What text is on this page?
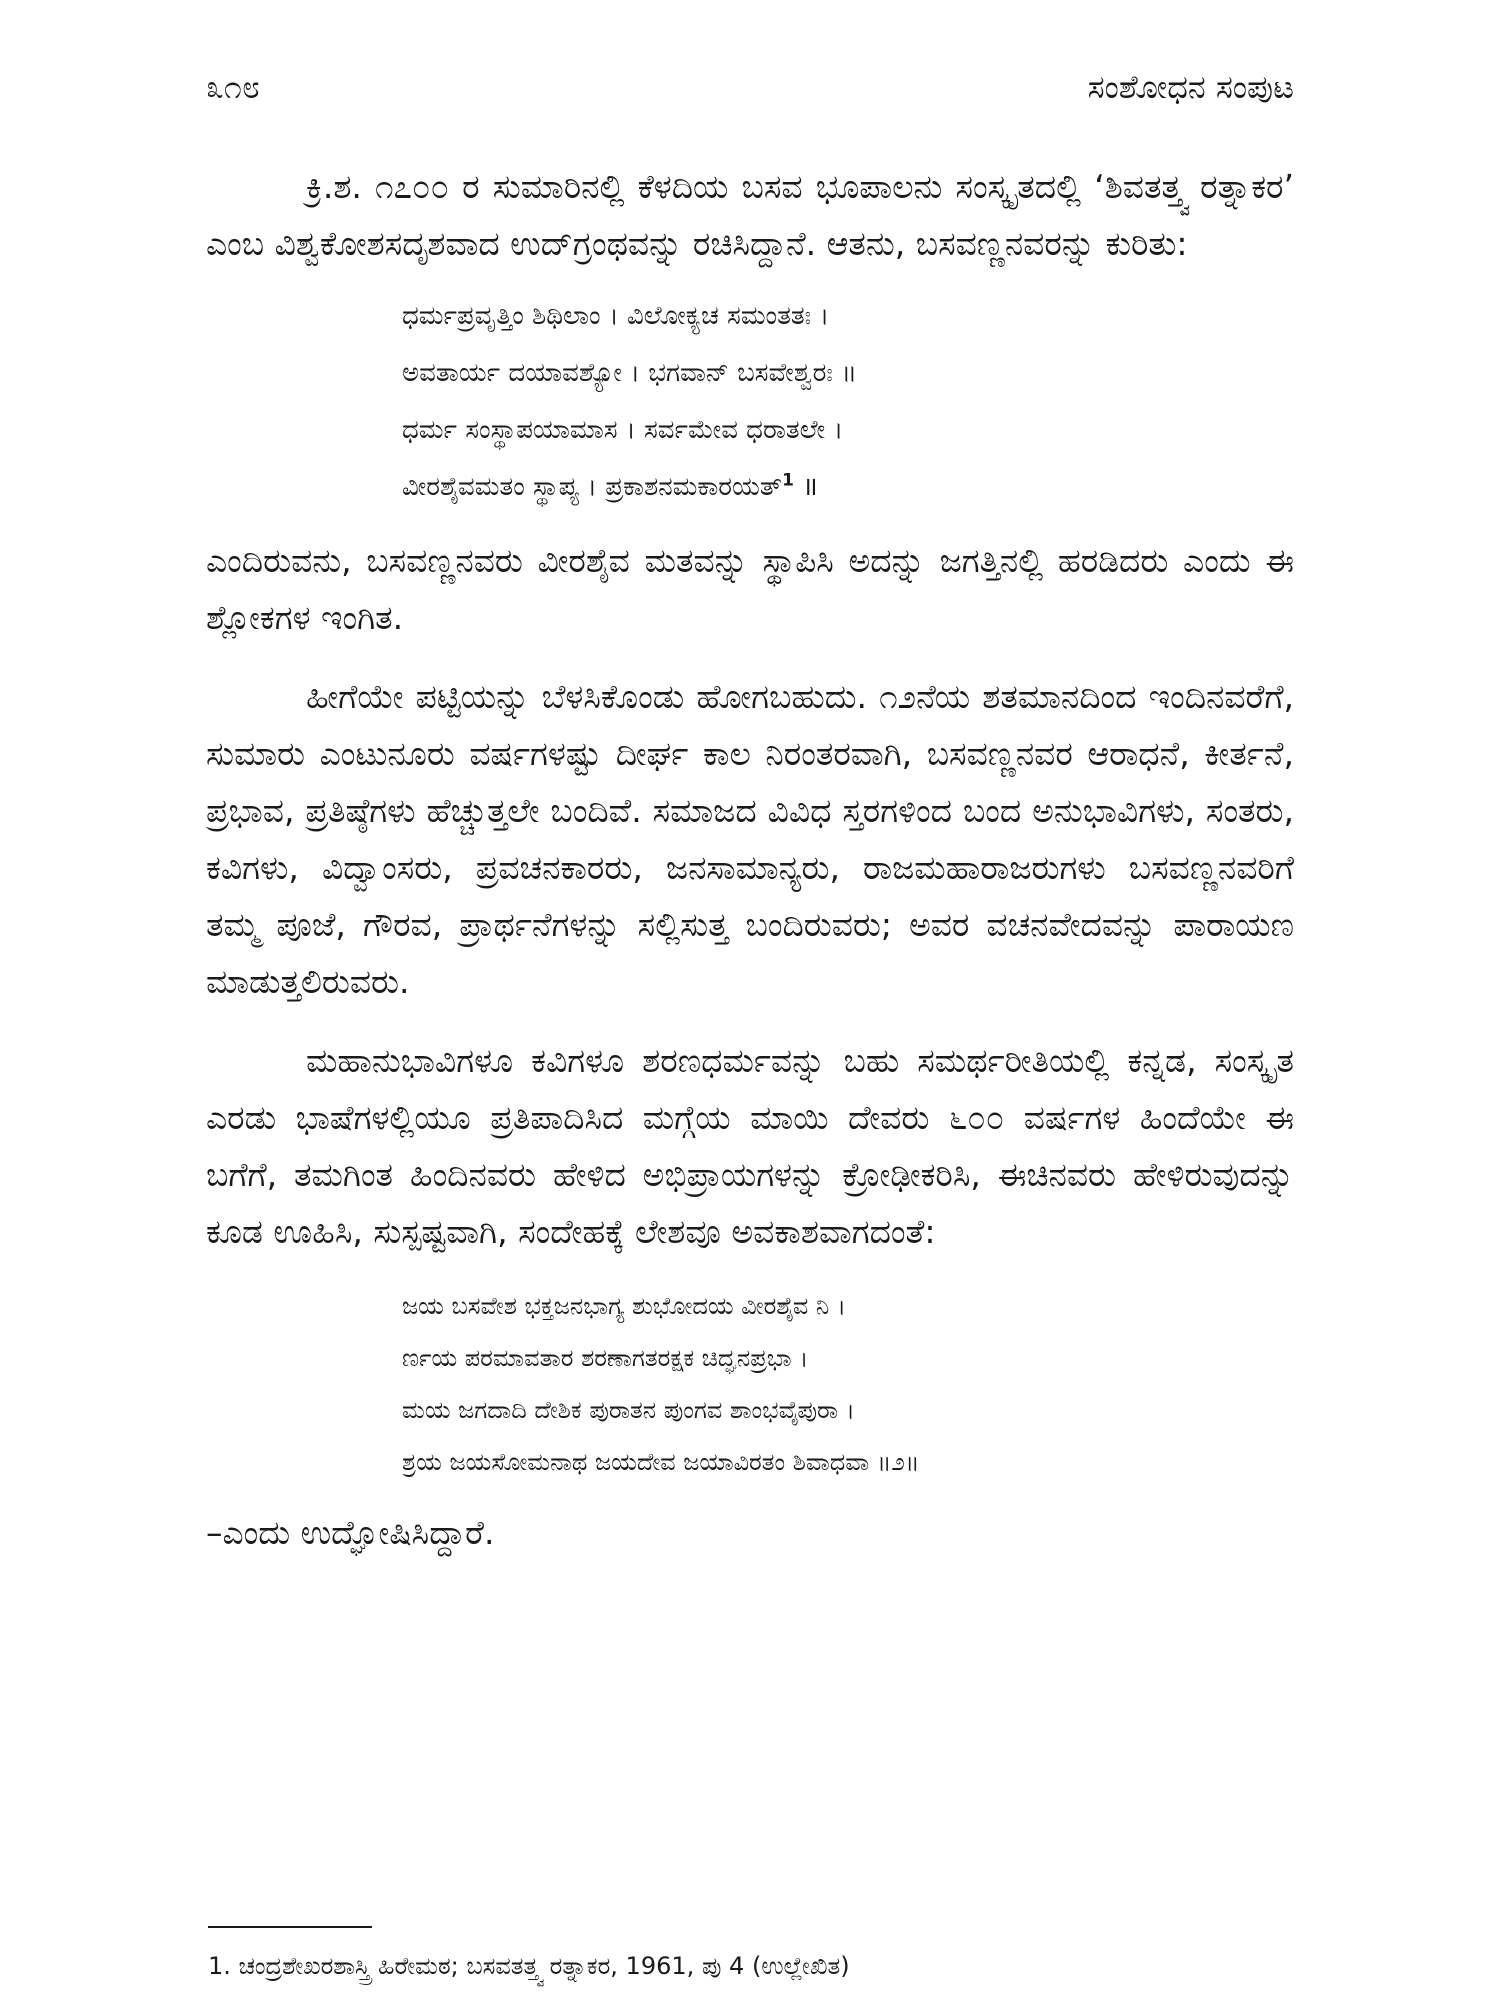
೩೧೮	ಸಂಶೋಧನ ಸಂಪುಟ

ಕ್ರಿ.ಶ. ೧೭೦೦ ರ ಸುಮಾರಿನಲ್ಲಿ ಕೆಳದಿಯ ಬಸವ ಭೂಪಾಲನು ಸಂಸ್ಕೃತದಲ್ಲಿ ‘ಶಿವತತ್ತ್ವ ರತ್ನಾಕರ’ ಎಂಬ ವಿಶ್ವಕೋಶಸದೃಶವಾದ ಉದ್‌ಗ್ರಂಥವನ್ನು ರಚಿಸಿದ್ದಾನೆ. ಆತನು, ಬಸವಣ್ಣನವರನ್ನು ಕುರಿತು:

ಧರ್ಮಪ್ರವೃತ್ತಿಂ ಶಿಥಿಲಾಂ । ವಿಲೋಕ್ಯಚ ಸಮಂತತಃ ।
ಅವತಾರ್ಯ ದಯಾವಶ್ಯೋ । ಭಗವಾನ್ ಬಸವೇಶ್ವರಃ ॥
ಧರ್ಮ ಸಂಸ್ಥಾಪಯಾಮಾಸ । ಸರ್ವಮೇವ ಧರಾತಲೇ ।
ವೀರಶೈವಮತಂ ಸ್ಥಾಪ್ಯ । ಪ್ರಕಾಶನಮಕಾರಯತ್$^1$ ॥

ಎಂದಿರುವನು, ಬಸವಣ್ಣನವರು ವೀರಶೈವ ಮತವನ್ನು ಸ್ಥಾಪಿಸಿ ಅದನ್ನು ಜಗತ್ತಿನಲ್ಲಿ ಹರಡಿದರು ಎಂದು ಈ ಶ್ಲೋಕಗಳ ಇಂಗಿತ.

ಹೀಗೆಯೇ ಪಟ್ಟಿಯನ್ನು ಬೆಳಸಿಕೊಂಡು ಹೋಗಬಹುದು. ೧೨ನೆಯ ಶತಮಾನದಿಂದ ಇಂದಿನವರೆಗೆ, ಸುಮಾರು ಎಂಟುನೂರು ವರ್ಷಗಳಷ್ಟು ದೀರ್ಘ ಕಾಲ ನಿರಂತರವಾಗಿ, ಬಸವಣ್ಣನವರ ಆರಾಧನೆ, ಕೀರ್ತನೆ, ಪ್ರಭಾವ, ಪ್ರತಿಷ್ಠೆಗಳು ಹೆಚ್ಚುತ್ತಲೇ ಬಂದಿವೆ. ಸಮಾಜದ ವಿವಿಧ ಸ್ತರಗಳಿಂದ ಬಂದ ಅನುಭಾವಿಗಳು, ಸಂತರು, ಕವಿಗಳು, ವಿದ್ವಾಂಸರು, ಪ್ರವಚನಕಾರರು, ಜನಸಾಮಾನ್ಯರು, ರಾಜಮಹಾರಾಜರುಗಳು ಬಸವಣ್ಣನವರಿಗೆ ತಮ್ಮ ಪೂಜೆ, ಗೌರವ, ಪ್ರಾರ್ಥನೆಗಳನ್ನು ಸಲ್ಲಿಸುತ್ತ ಬಂದಿರುವರು; ಅವರ ವಚನವೇದವನ್ನು ಪಾರಾಯಣ ಮಾಡುತ್ತಲಿರುವರು.

ಮಹಾನುಭಾವಿಗಳೂ ಕವಿಗಳೂ ಶರಣಧರ್ಮವನ್ನು ಬಹು ಸಮರ್ಥರೀತಿಯಲ್ಲಿ ಕನ್ನಡ, ಸಂಸ್ಕೃತ ಎರಡು ಭಾಷೆಗಳಲ್ಲಿಯೂ ಪ್ರತಿಪಾದಿಸಿದ ಮಗ್ಗೆಯ ಮಾಯಿ ದೇವರು ೬೦೦ ವರ್ಷಗಳ ಹಿಂದೆಯೇ ಈ ಬಗೆಗೆ, ತಮಗಿಂತ ಹಿಂದಿನವರು ಹೇಳಿದ ಅಭಿಪ್ರಾಯಗಳನ್ನು ಕ್ರೋಢೀಕರಿಸಿ, ಈಚಿನವರು ಹೇಳಿರುವುದನ್ನು ಕೂಡ ಊಹಿಸಿ, ಸುಸ್ಪಷ್ಟವಾಗಿ, ಸಂದೇಹಕ್ಕೆ ಲೇಶವೂ ಅವಕಾಶವಾಗದಂತೆ:

ಜಯ ಬಸವೇಶ ಭಕ್ತಜನಭಾಗ್ಯ ಶುಭೋದಯ ವೀರಶೈವ ನಿ ।
ರ್ಣಯ ಪರಮಾವತಾರ ಶರಣಾಗತರಕ್ಷಕ ಚಿದ್ಘನಪ್ರಭಾ ।
ಮಯ ಜಗದಾದಿ ದೇಶಿಕ ಪುರಾತನ ಪುಂಗವ ಶಾಂಭವೈಪುರಾ ।
ಶ್ರಯ ಜಯಸೋಮನಾಥ ಜಯದೇವ ಜಯಾವಿರತಂ ಶಿವಾಧವಾ ॥೨॥

–ಎಂದು ಉದ್ಘೋಷಿಸಿದ್ದಾರೆ.

1. ಚಂದ್ರಶೇಖರಶಾಸ್ತ್ರಿ ಹಿರೇಮಠ; ಬಸವತತ್ತ್ವ ರತ್ನಾಕರ, 1961, ಪು 4 (ಉಲ್ಲೇಖಿತ)
